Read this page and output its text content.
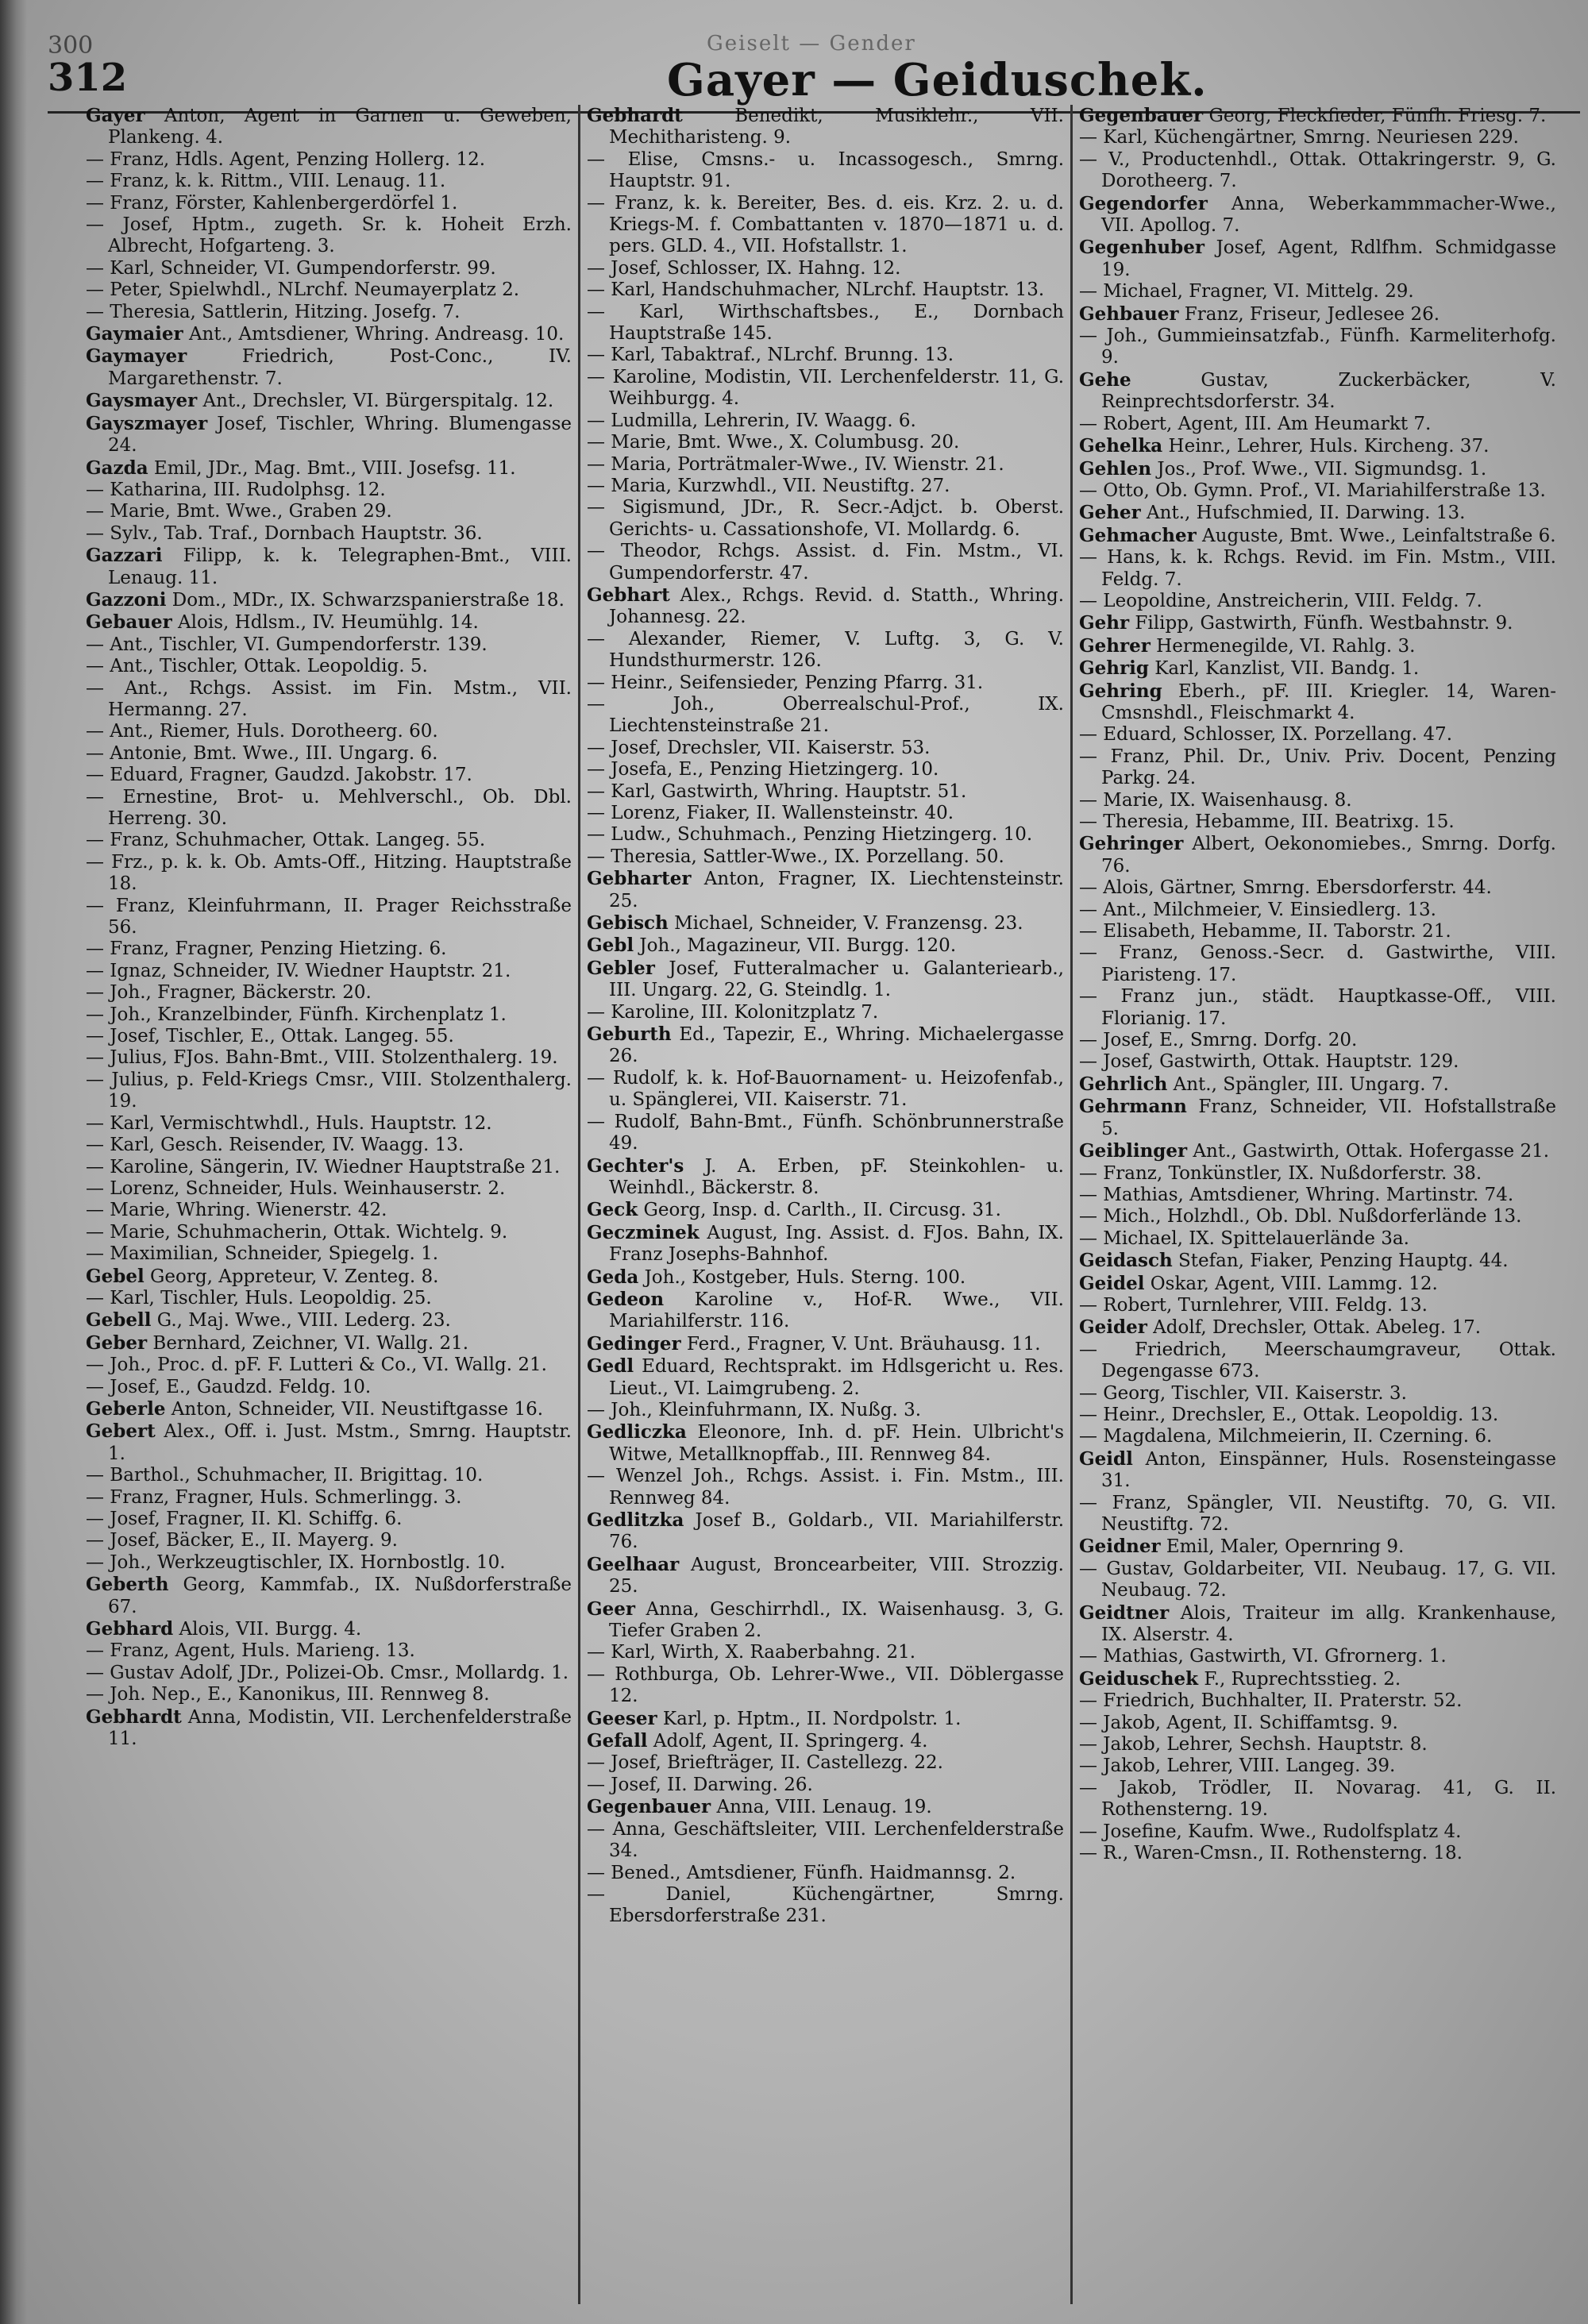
300	Geiselt — Gender
312	Gayer — Geiduschek.
Gayer Anton, Agent in Garnen u. Geweben, Plankeng. 4.
— Franz, Hdls. Agent, Penzing Hollerg. 12.
— Franz, k. k. Rittm., VIII. Lenaug. 11.
— Franz, Förster, Kahlenbergerdörfel 1.
— Josef, Hptm., zugeth. Sr. k. Hoheit Erzh. Albrecht, Hofgarteng. 3.
— Karl, Schneider, VI. Gumpendorferstr. 99.
— Peter, Spielwhdl., NLrchf. Neumayerplatz 2.
— Theresia, Sattlerin, Hitzing. Josefg. 7.
Gaymaier Ant., Amtsdiener, Whring. Andreasg. 10.
Gaymayer Friedrich, Post-Conc., IV. Margarethenstr. 7.
Gaysmayer Ant., Drechsler, VI. Bürgerspitalg. 12.
Gayszmayer Josef, Tischler, Whring. Blumengasse 24.
Gazda Emil, JDr., Mag. Bmt., VIII. Josefsg. 11.
— Katharina, III. Rudolphsg. 12.
— Marie, Bmt. Wwe., Graben 29.
— Sylv., Tab. Traf., Dornbach Hauptstr. 36.
Gazzari Filipp, k. k. Telegraphen-Bmt., VIII. Lenaug. 11.
Gazzoni Dom., MDr., IX. Schwarzspanierstraße 18.
Gebauer Alois, Hdlsm., IV. Heumühlg. 14.
— Ant., Tischler, VI. Gumpendorferstr. 139.
— Ant., Tischler, Ottak. Leopoldig. 5.
— Ant., Rchgs. Assist. im Fin. Mstm., VII. Hermanng. 27.
— Ant., Riemer, Huls. Dorotheerg. 60.
— Antonie, Bmt. Wwe., III. Ungarg. 6.
— Eduard, Fragner, Gaudzd. Jakobstr. 17.
— Ernestine, Brot- u. Mehlverschl., Ob. Dbl. Herreng. 30.
— Franz, Schuhmacher, Ottak. Langeg. 55.
— Frz., p. k. k. Ob. Amts-Off., Hitzing. Hauptstraße 18.
— Franz, Kleinfuhrmann, II. Prager Reichsstraße 56.
— Franz, Fragner, Penzing Hietzing. 6.
— Ignaz, Schneider, IV. Wiedner Hauptstr. 21.
— Joh., Fragner, Bäckerstr. 20.
— Joh., Kranzelbinder, Fünfh. Kirchenplatz 1.
— Josef, Tischler, E., Ottak. Langeg. 55.
— Julius, FJos. Bahn-Bmt., VIII. Stolzenthalerg. 19.
— Julius, p. Feld-Kriegs Cmsr., VIII. Stolzenthalerg. 19.
— Karl, Vermischtwhdl., Huls. Hauptstr. 12.
— Karl, Gesch. Reisender, IV. Waagg. 13.
— Karoline, Sängerin, IV. Wiedner Hauptstraße 21.
— Lorenz, Schneider, Huls. Weinhauserstr. 2.
— Marie, Whring. Wienerstr. 42.
— Marie, Schuhmacherin, Ottak. Wichtelg. 9.
— Maximilian, Schneider, Spiegelg. 1.
Gebel Georg, Appreteur, V. Zenteg. 8.
— Karl, Tischler, Huls. Leopoldig. 25.
Gebell G., Maj. Wwe., VIII. Lederg. 23.
Geber Bernhard, Zeichner, VI. Wallg. 21.
— Joh., Proc. d. pF. F. Lutteri & Co., VI. Wallg. 21.
— Josef, E., Gaudzd. Feldg. 10.
Geberle Anton, Schneider, VII. Neustiftgasse 16.
Gebert Alex., Off. i. Just. Mstm., Smrng. Hauptstr. 1.
— Barthol., Schuhmacher, II. Brigittag. 10.
— Franz, Fragner, Huls. Schmerlingg. 3.
— Josef, Fragner, II. Kl. Schiffg. 6.
— Josef, Bäcker, E., II. Mayerg. 9.
— Joh., Werkzeugtischler, IX. Hornbostlg. 10.
Geberth Georg, Kammfab., IX. Nußdorferstraße 67.
Gebhard Alois, VII. Burgg. 4.
— Franz, Agent, Huls. Marieng. 13.
— Gustav Adolf, JDr., Polizei-Ob. Cmsr., Mollardg. 1.
— Joh. Nep., E., Kanonikus, III. Rennweg 8.
Gebhardt Anna, Modistin, VII. Lerchenfelderstraße 11.
Gebhardt Benedikt, Musiklehr., VII. Mechitharisteng. 9.
— Elise, Cmsns.- u. Incassogesch., Smrng. Hauptstr. 91.
— Franz, k. k. Bereiter, Bes. d. eis. Krz. 2. u. d. Kriegs-M. f. Combattanten v. 1870—1871 u. d. pers. GLD. 4., VII. Hofstallstr. 1.
— Josef, Schlosser, IX. Hahng. 12.
— Karl, Handschuhmacher, NLrchf. Hauptstr. 13.
— Karl, Wirthschaftsbes., E., Dornbach Hauptstraße 145.
— Karl, Tabaktraf., NLrchf. Brunng. 13.
— Karoline, Modistin, VII. Lerchenfelderstr. 11, G. Weihburgg. 4.
— Ludmilla, Lehrerin, IV. Waagg. 6.
— Marie, Bmt. Wwe., X. Columbusg. 20.
— Maria, Porträtmaler-Wwe., IV. Wienstr. 21.
— Maria, Kurzwhdl., VII. Neustiftg. 27.
— Sigismund, JDr., R. Secr.-Adjct. b. Oberst. Gerichts- u. Cassationshofe, VI. Mollardg. 6.
— Theodor, Rchgs. Assist. d. Fin. Mstm., VI. Gumpendorferstr. 47.
Gebhart Alex., Rchgs. Revid. d. Statth., Whring. Johannesg. 22.
— Alexander, Riemer, V. Luftg. 3, G. V. Hundsthurmerstr. 126.
— Heinr., Seifensieder, Penzing Pfarrg. 31.
— Joh., Oberrealschul-Prof., IX. Liechtensteinstraße 21.
— Josef, Drechsler, VII. Kaiserstr. 53.
— Josefa, E., Penzing Hietzingerg. 10.
— Karl, Gastwirth, Whring. Hauptstr. 51.
— Lorenz, Fiaker, II. Wallensteinstr. 40.
— Ludw., Schuhmach., Penzing Hietzingerg. 10.
— Theresia, Sattler-Wwe., IX. Porzellang. 50.
Gebharter Anton, Fragner, IX. Liechtensteinstr. 25.
Gebisch Michael, Schneider, V. Franzensg. 23.
Gebl Joh., Magazineur, VII. Burgg. 120.
Gebler Josef, Futteralmacher u. Galanteriearb., III. Ungarg. 22, G. Steindlg. 1.
— Karoline, III. Kolonitzplatz 7.
Geburth Ed., Tapezir, E., Whring. Michaelergasse 26.
— Rudolf, k. k. Hof-Bauornament- u. Heizofenfab., u. Spänglerei, VII. Kaiserstr. 71.
— Rudolf, Bahn-Bmt., Fünfh. Schönbrunnerstraße 49.
Gechter's J. A. Erben, pF. Steinkohlen- u. Weinhdl., Bäckerstr. 8.
Geck Georg, Insp. d. Carlth., II. Circusg. 31.
Geczminek August, Ing. Assist. d. FJos. Bahn, IX. Franz Josephs-Bahnhof.
Geda Joh., Kostgeber, Huls. Sterng. 100.
Gedeon Karoline v., Hof-R. Wwe., VII. Mariahilferstr. 116.
Gedinger Ferd., Fragner, V. Unt. Bräuhausg. 11.
Gedl Eduard, Rechtsprakt. im Hdlsgericht u. Res. Lieut., VI. Laimgrubeng. 2.
— Joh., Kleinfuhrmann, IX. Nußg. 3.
Gedliczka Eleonore, Inh. d. pF. Hein. Ulbricht's Witwe, Metallknopffab., III. Rennweg 84.
— Wenzel Joh., Rchgs. Assist. i. Fin. Mstm., III. Rennweg 84.
Gedlitzka Josef B., Goldarb., VII. Mariahilferstr. 76.
Geelhaar August, Broncearbeiter, VIII. Strozzig. 25.
Geer Anna, Geschirrhdl., IX. Waisenhausg. 3, G. Tiefer Graben 2.
— Karl, Wirth, X. Raaberbahng. 21.
— Rothburga, Ob. Lehrer-Wwe., VII. Döblergasse 12.
Geeser Karl, p. Hptm., II. Nordpolstr. 1.
Gefall Adolf, Agent, II. Springerg. 4.
— Josef, Briefträger, II. Castellezg. 22.
— Josef, II. Darwing. 26.
Gegenbauer Anna, VIII. Lenaug. 19.
— Anna, Geschäftsleiter, VIII. Lerchenfelderstraße 34.
— Bened., Amtsdiener, Fünfh. Haidmannsg. 2.
— Daniel, Küchengärtner, Smrng. Ebersdorferstraße 231.
Gegenbauer Georg, Fleckfieder, Fünfh. Friesg. 7.
— Karl, Küchengärtner, Smrng. Neuriesen 229.
— V., Productenhdl., Ottak. Ottakringerstr. 9, G. Dorotheerg. 7.
Gegendorfer Anna, Weberkammmacher-Wwe., VII. Apollog. 7.
Gegenhuber Josef, Agent, Rdlfhm. Schmidgasse 19.
— Michael, Fragner, VI. Mittelg. 29.
Gehbauer Franz, Friseur, Jedlesee 26.
— Joh., Gummieinsatzfab., Fünfh. Karmeliterhofg. 9.
Gehe Gustav, Zuckerbäcker, V. Reinprechtsdorferstr. 34.
— Robert, Agent, III. Am Heumarkt 7.
Gehelka Heinr., Lehrer, Huls. Kircheng. 37.
Gehlen Jos., Prof. Wwe., VII. Sigmundsg. 1.
— Otto, Ob. Gymn. Prof., VI. Mariahilferstraße 13.
Geher Ant., Hufschmied, II. Darwing. 13.
Gehmacher Auguste, Bmt. Wwe., Leinfaltstraße 6.
— Hans, k. k. Rchgs. Revid. im Fin. Mstm., VIII. Feldg. 7.
— Leopoldine, Anstreicherin, VIII. Feldg. 7.
Gehr Filipp, Gastwirth, Fünfh. Westbahnstr. 9.
Gehrer Hermenegilde, VI. Rahlg. 3.
Gehrig Karl, Kanzlist, VII. Bandg. 1.
Gehring Eberh., pF. III. Kriegler. 14, Waren-Cmsnshdl., Fleischmarkt 4.
— Eduard, Schlosser, IX. Porzellang. 47.
— Franz, Phil. Dr., Univ. Priv. Docent, Penzing Parkg. 24.
— Marie, IX. Waisenhausg. 8.
— Theresia, Hebamme, III. Beatrixg. 15.
Gehringer Albert, Oekonomiebes., Smrng. Dorfg. 76.
— Alois, Gärtner, Smrng. Ebersdorferstr. 44.
— Ant., Milchmeier, V. Einsiedlerg. 13.
— Elisabeth, Hebamme, II. Taborstr. 21.
— Franz, Genoss.-Secr. d. Gastwirthe, VIII. Piaristeng. 17.
— Franz jun., städt. Hauptkasse-Off., VIII. Florianig. 17.
— Josef, E., Smrng. Dorfg. 20.
— Josef, Gastwirth, Ottak. Hauptstr. 129.
Gehrlich Ant., Spängler, III. Ungarg. 7.
Gehrmann Franz, Schneider, VII. Hofstallstraße 5.
Geiblinger Ant., Gastwirth, Ottak. Hofergasse 21.
— Franz, Tonkünstler, IX. Nußdorferstr. 38.
— Mathias, Amtsdiener, Whring. Martinstr. 74.
— Mich., Holzhdl., Ob. Dbl. Nußdorferlände 13.
— Michael, IX. Spittelauerlände 3a.
Geidasch Stefan, Fiaker, Penzing Hauptg. 44.
Geidel Oskar, Agent, VIII. Lammg. 12.
— Robert, Turnlehrer, VIII. Feldg. 13.
Geider Adolf, Drechsler, Ottak. Abeleg. 17.
— Friedrich, Meerschaumgraveur, Ottak. Degengasse 673.
— Georg, Tischler, VII. Kaiserstr. 3.
— Heinr., Drechsler, E., Ottak. Leopoldig. 13.
— Magdalena, Milchmeierin, II. Czerning. 6.
Geidl Anton, Einspänner, Huls. Rosensteingasse 31.
— Franz, Spängler, VII. Neustiftg. 70, G. VII. Neustiftg. 72.
Geidner Emil, Maler, Opernring 9.
— Gustav, Goldarbeiter, VII. Neubaug. 17, G. VII. Neubaug. 72.
Geidtner Alois, Traiteur im allg. Krankenhause, IX. Alserstr. 4.
— Mathias, Gastwirth, VI. Gfrornerg. 1.
Geiduschek F., Ruprechtsstieg. 2.
— Friedrich, Buchhalter, II. Praterstr. 52.
— Jakob, Agent, II. Schiffamtsg. 9.
— Jakob, Lehrer, Sechsh. Hauptstr. 8.
— Jakob, Lehrer, VIII. Langeg. 39.
— Jakob, Trödler, II. Novarag. 41, G. II. Rothensterng. 19.
— Josefine, Kaufm. Wwe., Rudolfsplatz 4.
— R., Waren-Cmsn., II. Rothensterng. 18.
